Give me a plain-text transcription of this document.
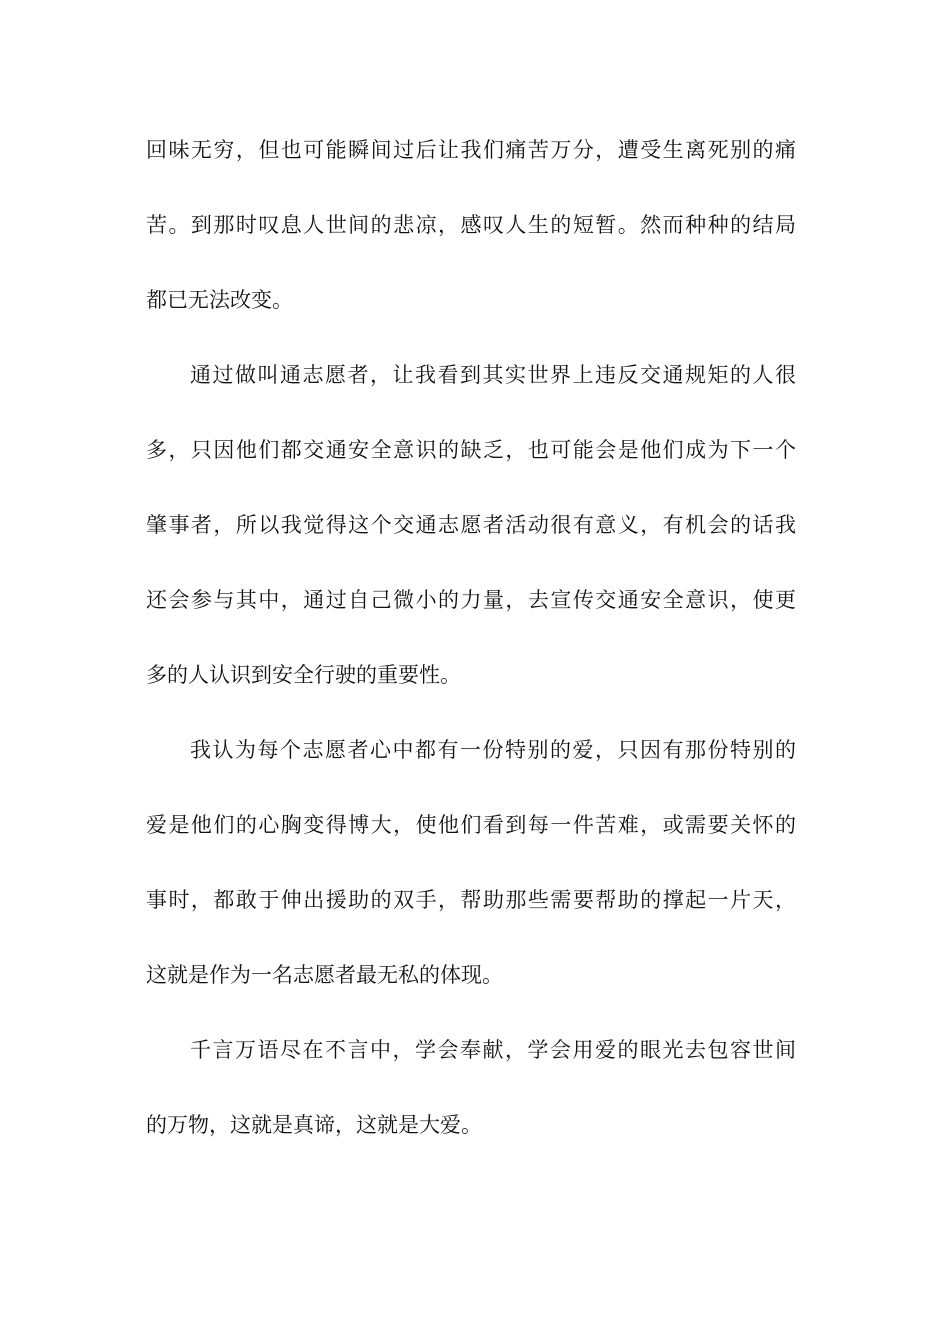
回味无穷，但也可能瞬间过后让我们痛苦万分，遭受生离死别的痛
苦。到那时叹息人世间的悲凉，感叹人生的短暂。然而种种的结局
都已无法改变。
通过做叫通志愿者，让我看到其实世界上违反交通规矩的人很
多，只因他们都交通安全意识的缺乏，也可能会是他们成为下一个
肇事者，所以我觉得这个交通志愿者活动很有意义，有机会的话我
还会参与其中，通过自己微小的力量，去宣传交通安全意识，使更
多的人认识到安全行驶的重要性。
我认为每个志愿者心中都有一份特别的爱，只因有那份特别的
爱是他们的心胸变得博大，使他们看到每一件苦难，或需要关怀的
事时，都敢于伸出援助的双手，帮助那些需要帮助的撑起一片天，
这就是作为一名志愿者最无私的体现。
千言万语尽在不言中，学会奉献，学会用爱的眼光去包容世间
的万物，这就是真谛，这就是大爱。
